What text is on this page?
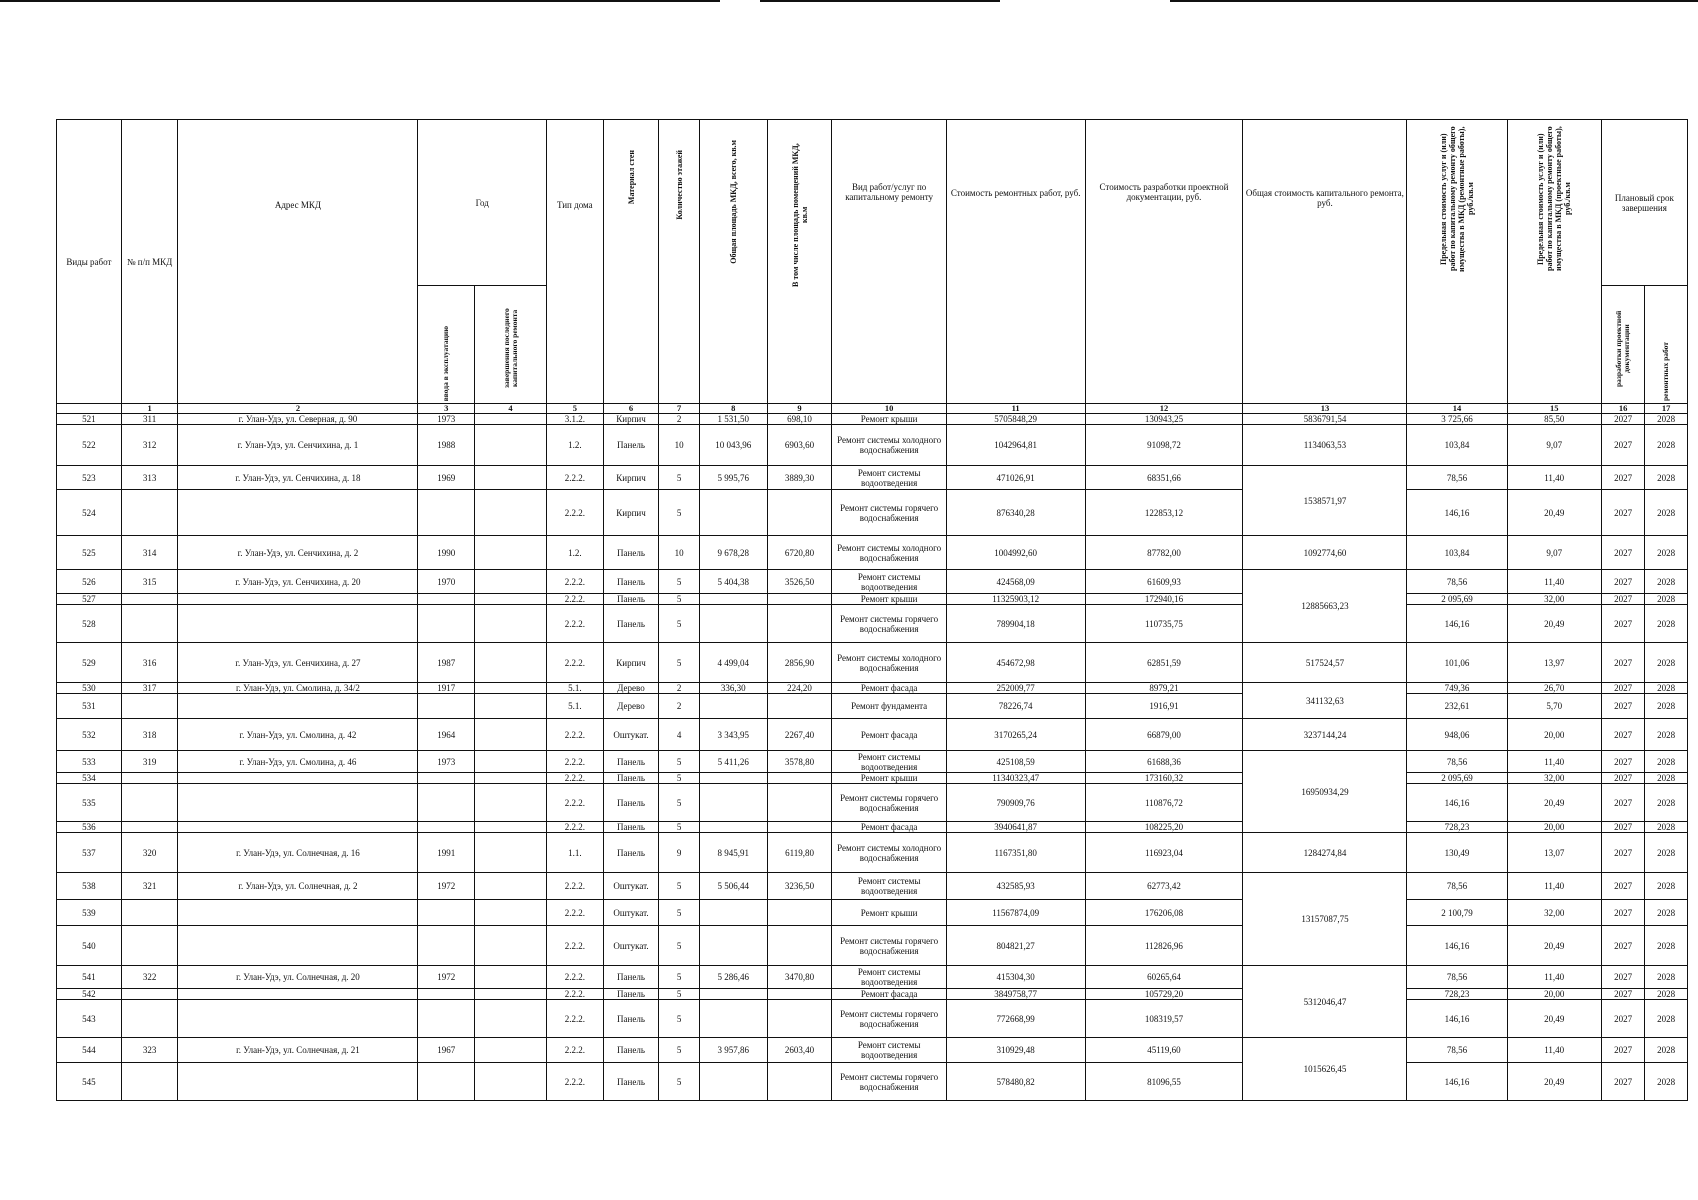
Виды работ	№ п/п МКД	Адрес МКД	Год		Тип дома	Материал стен	Количество этажей	Общая площадь МКД, всего, кв.м	В том числе площадь помещений МКД, кв.м	Вид работ/услуг по капитальному ремонту	Стоимость ремонтных работ, руб.	Стоимость разработки проектной документации, руб.	Общая стоимость капитального ремонта, руб.	Предельная стоимость услуг и (или) работ по капитальному ремонту общего имущества в МКД (ремонтные работы), руб./кв.м	Предельная стоимость услуг и (или) работ по капитальному ремонту общего имущества в МКД (проектные работы), руб./кв.м	Плановый срок завершения	
			ввода в эксплуатацию	завершения последнего капитального ремонта												разработки проектной документации	ремонтных работ
	1	2	3	4	5	6	7	8	9	10	11	12	13	14	15	16	17
521	311	г. Улан-Удэ, ул. Северная, д. 90	1973		3.1.2.	Кирпич	2	1 531,50	698,10	Ремонт крыши	5705848,29	130943,25	5836791,54	3 725,66	85,50	2027	2028
522	312	г. Улан-Удэ, ул. Сенчихина, д. 1	1988		1.2.	Панель	10	10 043,96	6903,60	Ремонт системы холодного водоснабжения	1042964,81	91098,72	1134063,53	103,84	9,07	2027	2028
523	313	г. Улан-Удэ, ул. Сенчихина, д. 18	1969		2.2.2.	Кирпич	5	5 995,76	3889,30	Ремонт системы водоотведения	471026,91	68351,66	1538571,97	78,56	11,40	2027	2028
524					2.2.2.	Кирпич	5			Ремонт системы горячего водоснабжения	876340,28	122853,12		146,16	20,49	2027	2028
525	314	г. Улан-Удэ, ул. Сенчихина, д. 2	1990		1.2.	Панель	10	9 678,28	6720,80	Ремонт системы холодного водоснабжения	1004992,60	87782,00	1092774,60	103,84	9,07	2027	2028
526	315	г. Улан-Удэ, ул. Сенчихина, д. 20	1970		2.2.2.	Панель	5	5 404,38	3526,50	Ремонт системы водоотведения	424568,09	61609,93	12885663,23	78,56	11,40	2027	2028
527					2.2.2.	Панель	5			Ремонт крыши	11325903,12	172940,16		2 095,69	32,00	2027	2028
528					2.2.2.	Панель	5			Ремонт системы горячего водоснабжения	789904,18	110735,75		146,16	20,49	2027	2028
529	316	г. Улан-Удэ, ул. Сенчихина, д. 27	1987		2.2.2.	Кирпич	5	4 499,04	2856,90	Ремонт системы холодного водоснабжения	454672,98	62851,59	517524,57	101,06	13,97	2027	2028
530	317	г. Улан-Удэ, ул. Смолина, д. 34/2	1917		5.1.	Дерево	2	336,30	224,20	Ремонт фасада	252009,77	8979,21	341132,63	749,36	26,70	2027	2028
531					5.1.	Дерево	2			Ремонт фундамента	78226,74	1916,91		232,61	5,70	2027	2028
532	318	г. Улан-Удэ, ул. Смолина, д. 42	1964		2.2.2.	Оштукат.	4	3 343,95	2267,40	Ремонт фасада	3170265,24	66879,00	3237144,24	948,06	20,00	2027	2028
533	319	г. Улан-Удэ, ул. Смолина, д. 46	1973		2.2.2.	Панель	5	5 411,26	3578,80	Ремонт системы водоотведения	425108,59	61688,36	16950934,29	78,56	11,40	2027	2028
534					2.2.2.	Панель	5			Ремонт крыши	11340323,47	173160,32		2 095,69	32,00	2027	2028
535					2.2.2.	Панель	5			Ремонт системы горячего водоснабжения	790909,76	110876,72		146,16	20,49	2027	2028
536					2.2.2.	Панель	5			Ремонт фасада	3940641,87	108225,20		728,23	20,00	2027	2028
537	320	г. Улан-Удэ, ул. Солнечная, д. 16	1991		1.1.	Панель	9	8 945,91	6119,80	Ремонт системы холодного водоснабжения	1167351,80	116923,04	1284274,84	130,49	13,07	2027	2028
538	321	г. Улан-Удэ, ул. Солнечная, д. 2	1972		2.2.2.	Оштукат.	5	5 506,44	3236,50	Ремонт системы водоотведения	432585,93	62773,42	13157087,75	78,56	11,40	2027	2028
539					2.2.2.	Оштукат.	5			Ремонт крыши	11567874,09	176206,08		2 100,79	32,00	2027	2028
540					2.2.2.	Оштукат.	5			Ремонт системы горячего водоснабжения	804821,27	112826,96		146,16	20,49	2027	2028
541	322	г. Улан-Удэ, ул. Солнечная, д. 20	1972		2.2.2.	Панель	5	5 286,46	3470,80	Ремонт системы водоотведения	415304,30	60265,64	5312046,47	78,56	11,40	2027	2028
542					2.2.2.	Панель	5			Ремонт фасада	3849758,77	105729,20		728,23	20,00	2027	2028
543					2.2.2.	Панель	5			Ремонт системы горячего водоснабжения	772668,99	108319,57		146,16	20,49	2027	2028
544	323	г. Улан-Удэ, ул. Солнечная, д. 21	1967		2.2.2.	Панель	5	3 957,86	2603,40	Ремонт системы водоотведения	310929,48	45119,60	1015626,45	78,56	11,40	2027	2028
545					2.2.2.	Панель	5			Ремонт системы горячего водоснабжения	578480,82	81096,55		146,16	20,49	2027	2028
